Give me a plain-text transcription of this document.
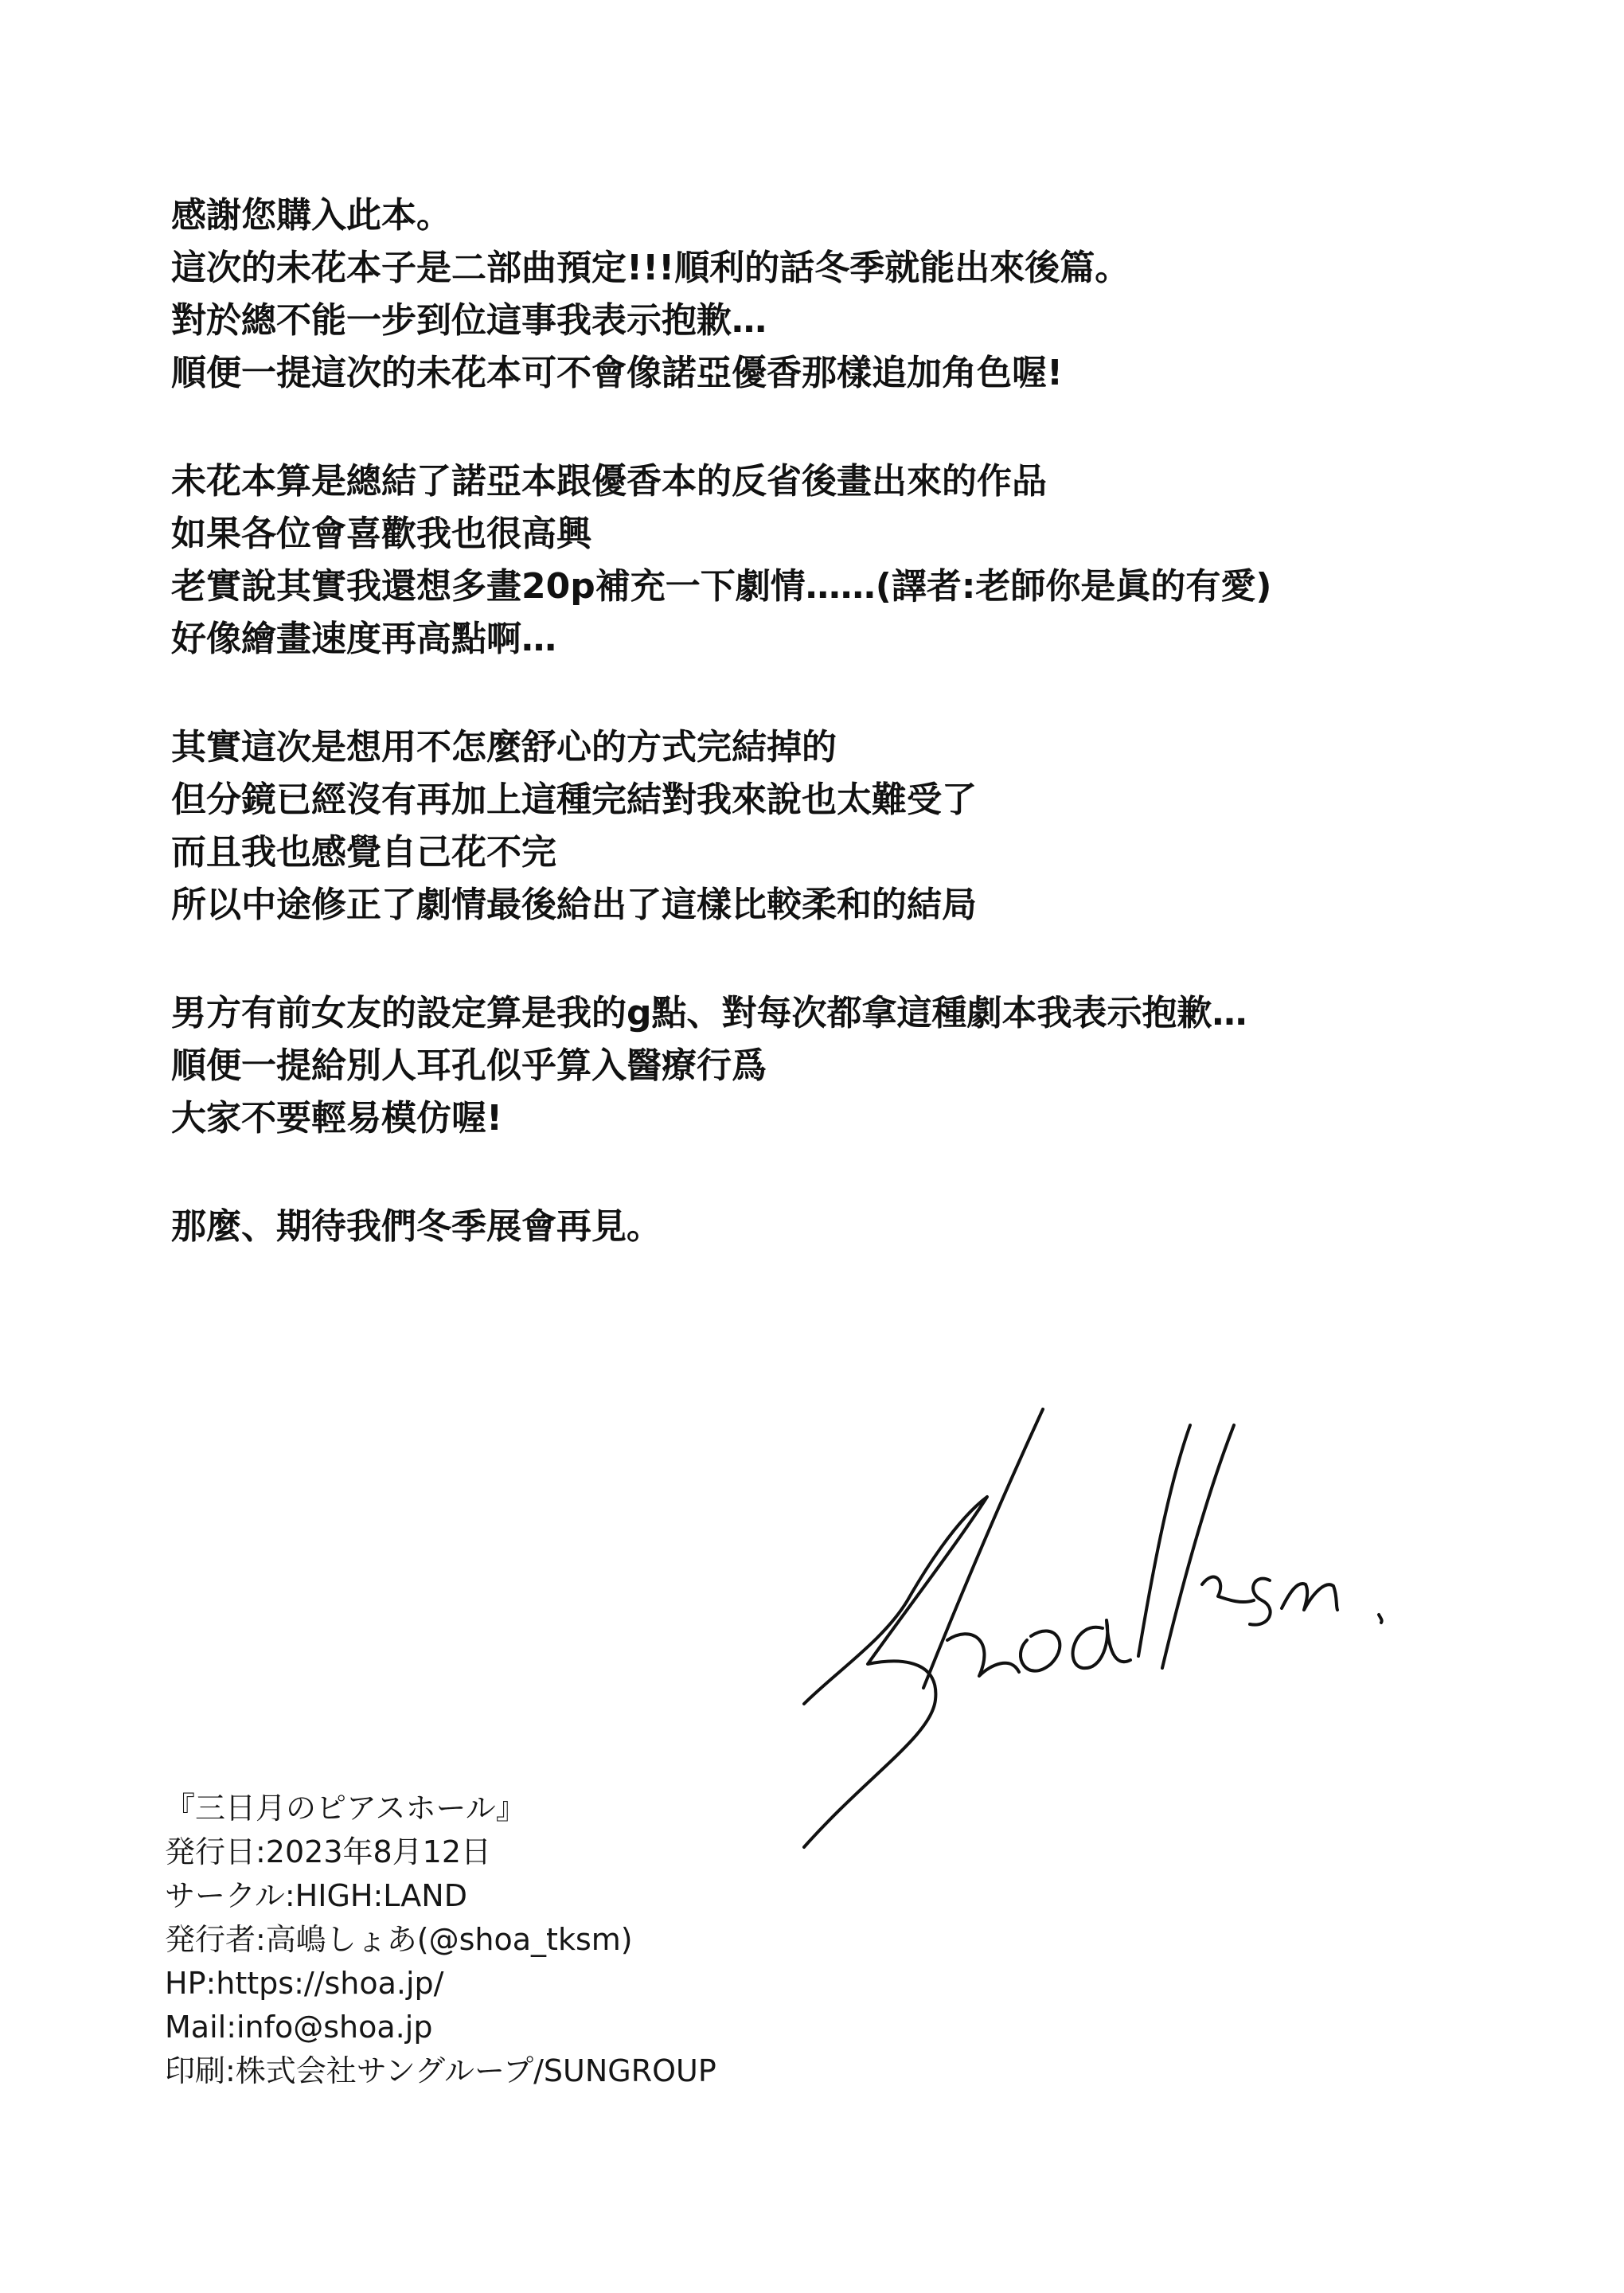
感謝您購入此本。
這次的未花本子是二部曲預定!!!順利的話冬季就能出來後篇。
對於總不能一步到位這事我表示抱歉…
順便一提這次的未花本可不會像諾亞優香那樣追加角色喔!
未花本算是總結了諾亞本跟優香本的反省後畫出來的作品
如果各位會喜歡我也很高興
老實說其實我還想多畫20p補充一下劇情……(譯者:老師你是眞的有愛)
好像繪畫速度再高點啊…
其實這次是想用不怎麼舒心的方式完結掉的
但分鏡已經沒有再加上這種完結對我來說也太難受了
而且我也感覺自己花不完
所以中途修正了劇情最後給出了這樣比較柔和的結局
男方有前女友的設定算是我的g點、對每次都拿這種劇本我表示抱歉…
順便一提給別人耳孔似乎算入醫療行爲
大家不要輕易模仿喔!
那麼、期待我們冬季展會再見。
『三日月のピアスホール』
発行日:2023年8月12日
サークル:HIGH:LAND
発行者:高嶋しょあ(@shoa_tksm)
HP:https://shoa.jp/
Mail:info@shoa.jp
印刷:株式会社サングループ/SUNGROUP
